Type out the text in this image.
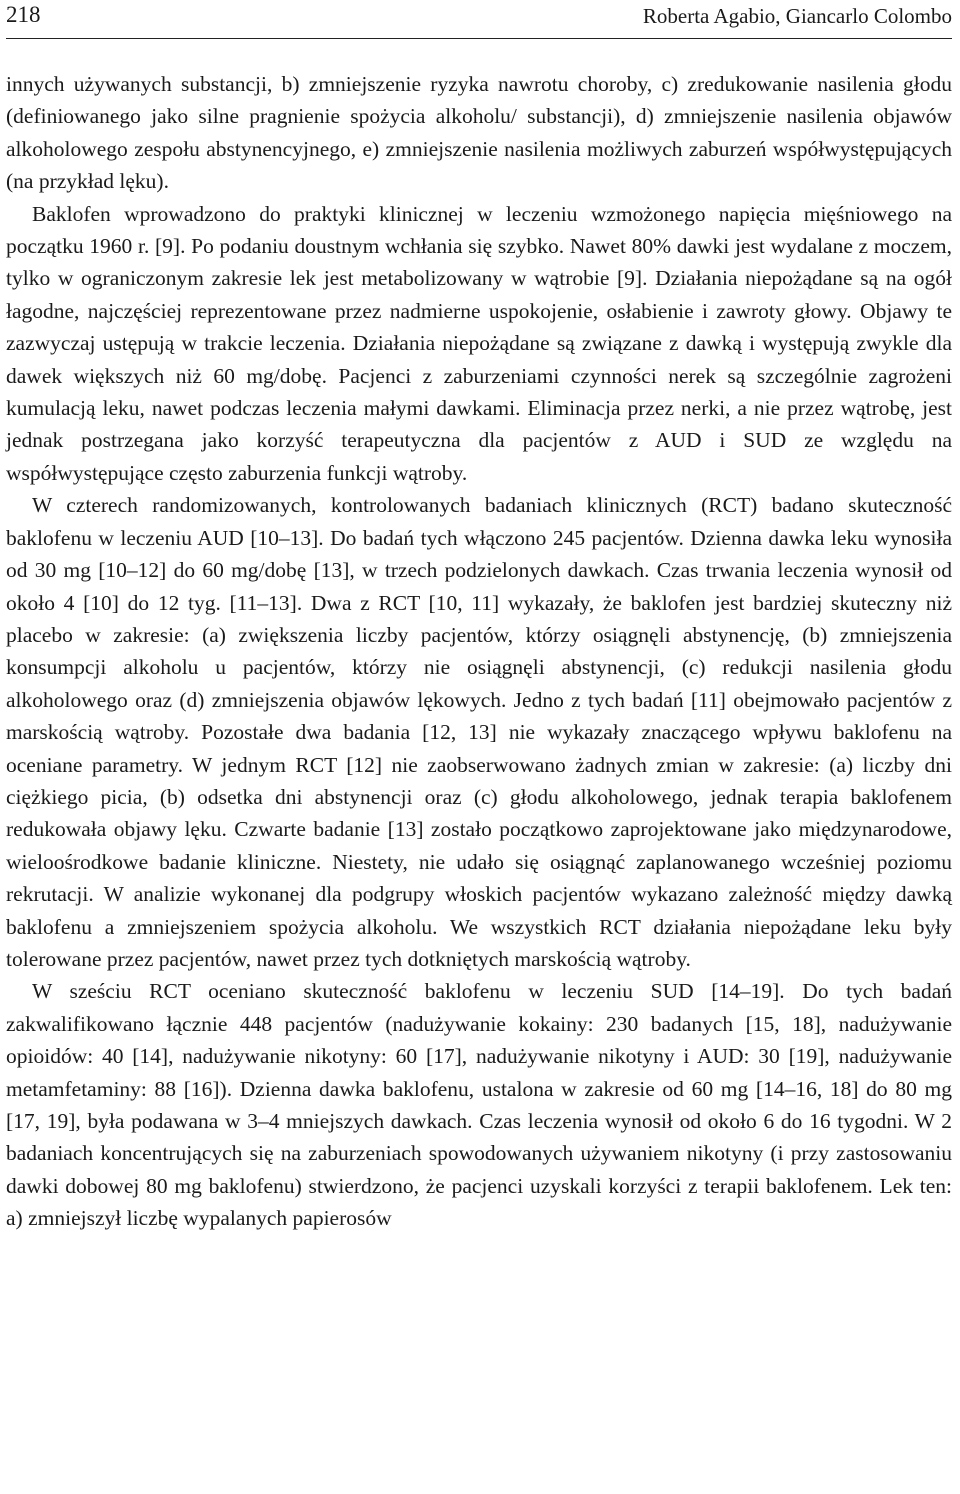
218	Roberta Agabio, Giancarlo Colombo

innych używanych substancji, b) zmniejszenie ryzyka nawrotu choroby, c) zredukowanie nasilenia głodu (definiowanego jako silne pragnienie spożycia alkoholu/ substancji), d) zmniejszenie nasilenia objawów alkoholowego zespołu abstynencyjnego, e) zmniejszenie nasilenia możliwych zaburzeń współwystępujących (na przykład lęku).

Baklofen wprowadzono do praktyki klinicznej w leczeniu wzmożonego napięcia mięśniowego na początku 1960 r. [9]. Po podaniu doustnym wchłania się szybko. Nawet 80% dawki jest wydalane z moczem, tylko w ograniczonym zakresie lek jest metabolizowany w wątrobie [9]. Działania niepożądane są na ogół łagodne, najczęściej reprezentowane przez nadmierne uspokojenie, osłabienie i zawroty głowy. Objawy te zazwyczaj ustępują w trakcie leczenia. Działania niepożądane są związane z dawką i występują zwykle dla dawek większych niż 60 mg/dobę. Pacjenci z zaburzeniami czynności nerek są szczególnie zagrożeni kumulacją leku, nawet podczas leczenia małymi dawkami. Eliminacja przez nerki, a nie przez wątrobę, jest jednak postrzegana jako korzyść terapeutyczna dla pacjentów z AUD i SUD ze względu na współwystępujące często zaburzenia funkcji wątroby.

W czterech randomizowanych, kontrolowanych badaniach klinicznych (RCT) badano skuteczność baklofenu w leczeniu AUD [10–13]. Do badań tych włączono 245 pacjentów. Dzienna dawka leku wynosiła od 30 mg [10–12] do 60 mg/dobę [13], w trzech podzielonych dawkach. Czas trwania leczenia wynosił od około 4 [10] do 12 tyg. [11–13]. Dwa z RCT [10, 11] wykazały, że baklofen jest bardziej skuteczny niż placebo w zakresie: (a) zwiększenia liczby pacjentów, którzy osiągnęli abstynencję, (b) zmniejszenia konsumpcji alkoholu u pacjentów, którzy nie osiągnęli abstynencji, (c) redukcji nasilenia głodu alkoholowego oraz (d) zmniejszenia objawów lękowych. Jedno z tych badań [11] obejmowało pacjentów z marskością wątroby. Pozostałe dwa badania [12, 13] nie wykazały znaczącego wpływu baklofenu na oceniane parametry. W jednym RCT [12] nie zaobserwowano żadnych zmian w zakresie: (a) liczby dni ciężkiego picia, (b) odsetka dni abstynencji oraz (c) głodu alkoholowego, jednak terapia baklofenem redukowała objawy lęku. Czwarte badanie [13] zostało początkowo zaprojektowane jako międzynarodowe, wieloośrodkowe badanie kliniczne. Niestety, nie udało się osiągnąć zaplanowanego wcześniej poziomu rekrutacji. W analizie wykonanej dla podgrupy włoskich pacjentów wykazano zależność między dawką baklofenu a zmniejszeniem spożycia alkoholu. We wszystkich RCT działania niepożądane leku były tolerowane przez pacjentów, nawet przez tych dotkniętych marskością wątroby.

W sześciu RCT oceniano skuteczność baklofenu w leczeniu SUD [14–19]. Do tych badań zakwalifikowano łącznie 448 pacjentów (nadużywanie kokainy: 230 badanych [15, 18], nadużywanie opioidów: 40 [14], nadużywanie nikotyny: 60 [17], nadużywanie nikotyny i AUD: 30 [19], nadużywanie metamfetaminy: 88 [16]). Dzienna dawka baklofenu, ustalona w zakresie od 60 mg [14–16, 18] do 80 mg [17, 19], była podawana w 3–4 mniejszych dawkach. Czas leczenia wynosił od około 6 do 16 tygodni. W 2 badaniach koncentrujących się na zaburzeniach spowodowanych używaniem nikotyny (i przy zastosowaniu dawki dobowej 80 mg baklofenu) stwierdzono, że pacjenci uzyskali korzyści z terapii baklofenem. Lek ten: a) zmniejszył liczbę wypalanych papierosów
